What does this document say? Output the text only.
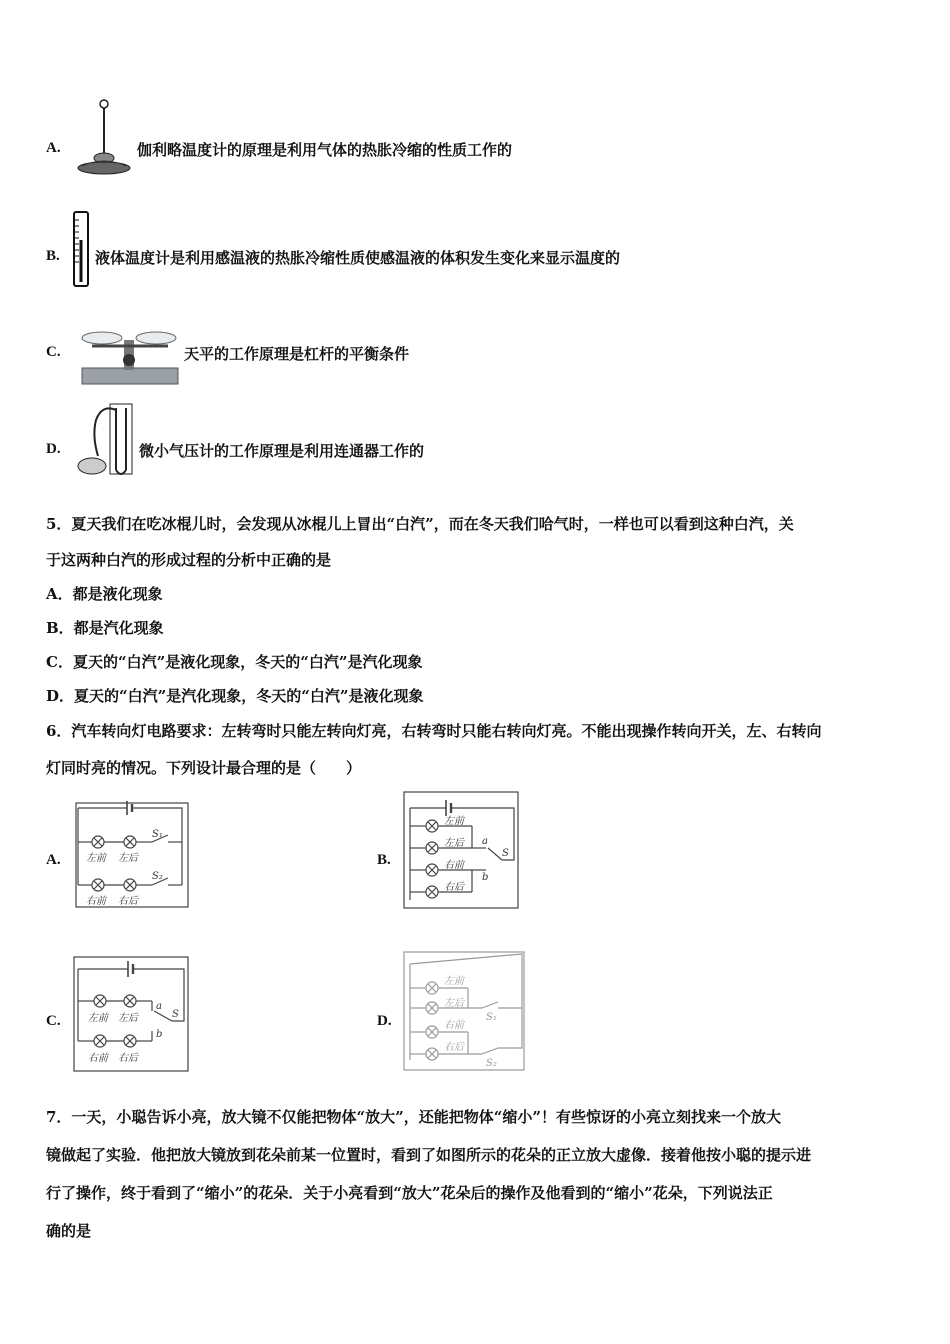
A.	伽利略温度计的原理是利用气体的热胀冷缩的性质工作的
B. 液体温度计是利用感温液的热胀冷缩性质使感温液的体积发生变化来显示温度的
C.	天平的工作原理是杠杆的平衡条件
D.	微小气压计的工作原理是利用连通器工作的
5．夏天我们在吃冰棍儿时，会发现从冰棍儿上冒出“白汽”，而在冬天我们哈气时，一样也可以看到这种白汽，关
于这两种白汽的形成过程的分析中正确的是
A．都是液化现象
B．都是汽化现象
C．夏天的“白汽”是液化现象，冬天的“白汽”是汽化现象
D．夏天的“白汽”是汽化现象，冬天的“白汽”是液化现象
6．汽车转向灯电路要求：左转弯时只能左转向灯亮，右转弯时只能右转向灯亮。不能出现操作转向开关，左、右转向
灯同时亮的情况。下列设计最合理的是（　　）
A.	左前 左后
S₁
右前 右后
S₂
B.
左前
左后
右前
右后
a
b
S
C.	左前 左后
右前 右后
a
b
S	D.
左前
左后
右前
右后
S₁
S₂
7．一天，小聪告诉小亮，放大镜不仅能把物体“放大”，还能把物体“缩小”！有些惊讶的小亮立刻找来一个放大
镜做起了实验．他把放大镜放到花朵前某一位置时，看到了如图所示的花朵的正立放大虚像．接着他按小聪的提示进
行了操作，终于看到了“缩小”的花朵．关于小亮看到“放大”花朵后的操作及他看到的“缩小”花朵，下列说法正
确的是
